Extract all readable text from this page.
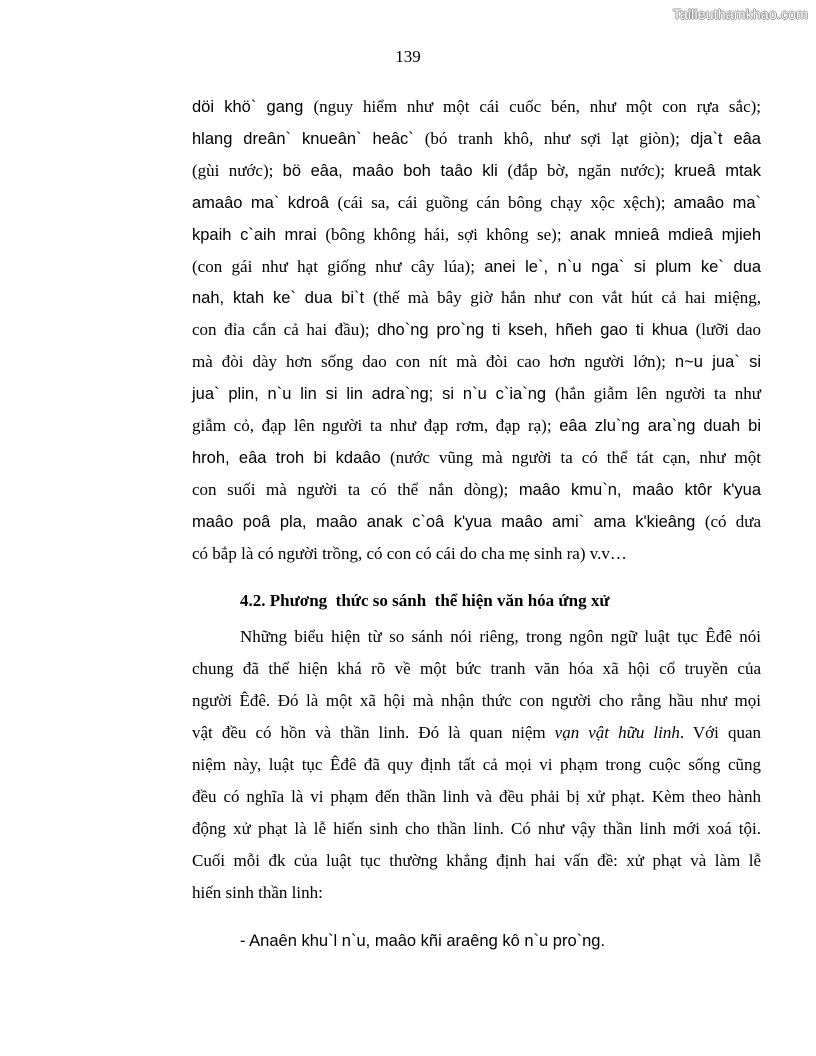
Tailieuthamkhao.com
139
döi khö` gang (nguy hiểm như một cái cuốc bén, như một con rựa sắc);
hlang dreân` knueân` heâc` (bó tranh khô, như sợi lạt giòn); dja`t eâa
(gùi nước); bö eâa, maâo boh taâo kli (đắp bờ, ngăn nước); krueâ mtak
amaâo ma` kdroâ (cái sa, cái guồng cán bông chạy xộc xệch); amaâo ma`
kpaih c`aih mrai (bông không hái, sợi không se); anak mnieâ mdieâ mjieh
(con gái như hạt giống như cây lúa); anei le`, n`u nga` si plum ke` dua
nah, ktah ke` dua bi`t (thế mà bây giờ hắn như con vắt hút cả hai miệng,
con đỉa cắn cả hai đầu); dho`ng pro`ng ti kseh, hñeh gao ti khua (lưỡi dao
mà đòi dày hơn sống dao con nít mà đòi cao hơn người lớn); n~u jua` si
jua` plin, n`u lin si lin adra`ng; si n`u c`ia`ng (hắn giẫm lên người ta như
giẫm cỏ, đạp lên người ta như đạp rơm, đạp rạ); eâa zlu`ng ara`ng duah bi
hroh, eâa troh bi kdaâo (nước vũng mà người ta có thể tát cạn, như một
con suối mà người ta có thể nắn dòng); maâo kmu`n, maâo ktôr k'yua
maâo poâ pla, maâo anak c`oâ k'yua maâo ami` ama k'kieâng (có dưa
có bắp là có người trồng, có con có cái do cha mẹ sinh ra) v.v…
4.2. Phương  thức so sánh  thể hiện văn hóa ứng xử
Những biểu hiện từ so sánh nói riêng, trong ngôn ngữ luật tục Êđê nói
chung đã thể hiện khá rõ về một bức tranh văn hóa xã hội cổ truyền của
người Êđê. Đó là một xã hội mà nhận thức con người cho rằng hầu như mọi
vật đều có hồn và thần linh. Đó là quan niệm vạn vật hữu linh. Với quan
niệm này, luật tục Êđê đã quy định tất cả mọi vi phạm trong cuộc sống cũng
đều có nghĩa là vi phạm đến thần linh và đều phải bị xử phạt. Kèm theo hành
động xử phạt là lễ hiến sinh cho thần linh. Có như vậy thần linh mới xoá tội.
Cuối mỗi đk của luật tục thường khẳng định hai vấn đề: xử phạt và làm lễ
hiến sinh thần linh:
- Anaên khu`l n`u, maâo kñi araêng kô n`u pro`ng.
